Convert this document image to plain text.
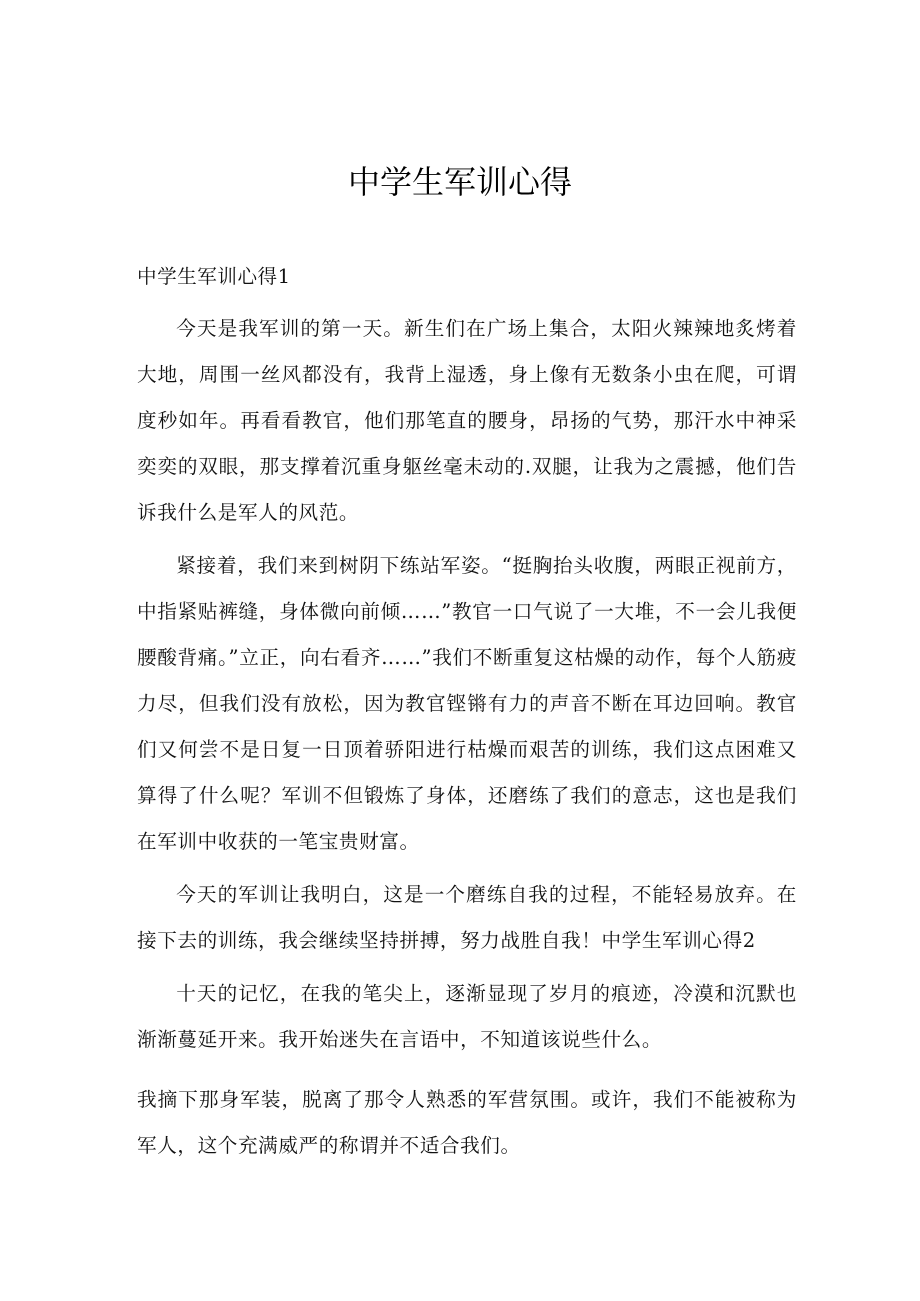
中学生军训心得
中学生军训心得1

今天是我军训的第一天。新生们在广场上集合，太阳火辣辣地炙烤着大地，周围一丝风都没有，我背上湿透，身上像有无数条小虫在爬，可谓度秒如年。再看看教官，他们那笔直的腰身，昂扬的气势，那汗水中神采奕奕的双眼，那支撑着沉重身躯丝毫未动的.双腿，让我为之震撼，他们告诉我什么是军人的风范。

紧接着，我们来到树阴下练站军姿。“挺胸抬头收腹，两眼正视前方，中指紧贴裤缝，身体微向前倾……”教官一口气说了一大堆，不一会儿我便腰酸背痛。”立正，向右看齐……”我们不断重复这枯燥的动作，每个人筋疲力尽，但我们没有放松，因为教官铿锵有力的声音不断在耳边回响。教官们又何尝不是日复一日顶着骄阳进行枯燥而艰苦的训练，我们这点困难又算得了什么呢？军训不但锻炼了身体，还磨练了我们的意志，这也是我们在军训中收获的一笔宝贵财富。

今天的军训让我明白，这是一个磨练自我的过程，不能轻易放弃。在接下去的训练，我会继续坚持拼搏，努力战胜自我！中学生军训心得2

十天的记忆，在我的笔尖上，逐渐显现了岁月的痕迹，冷漠和沉默也渐渐蔓延开来。我开始迷失在言语中，不知道该说些什么。

我摘下那身军装，脱离了那令人熟悉的军营氛围。或许，我们不能被称为军人，这个充满威严的称谓并不适合我们。
